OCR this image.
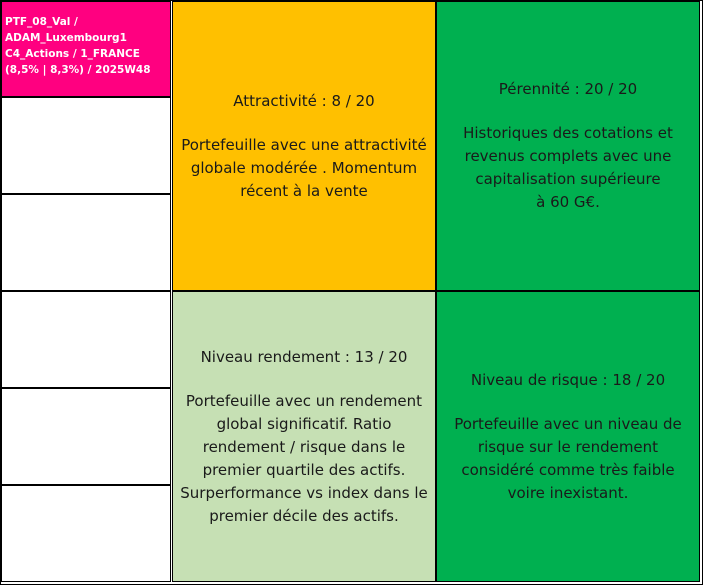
PTF_08_Val /
ADAM_Luxembourg1
C4_Actions / 1_FRANCE
(8,5% | 8,3%) / 2025W48
Attractivité : 8 / 20
Portefeuille avec une attractivité
globale modérée . Momentum
récent à la vente
Pérennité : 20 / 20
Historiques des cotations et
revenus complets avec une
capitalisation supérieure
à 60 G€.
Niveau rendement : 13 / 20
Portefeuille avec un rendement
global significatif. Ratio
rendement / risque dans le
premier quartile des actifs.
Surperformance vs index dans le
premier décile des actifs.
Niveau de risque : 18 / 20
Portefeuille avec un niveau de
risque sur le rendement
considéré comme très faible
voire inexistant.
